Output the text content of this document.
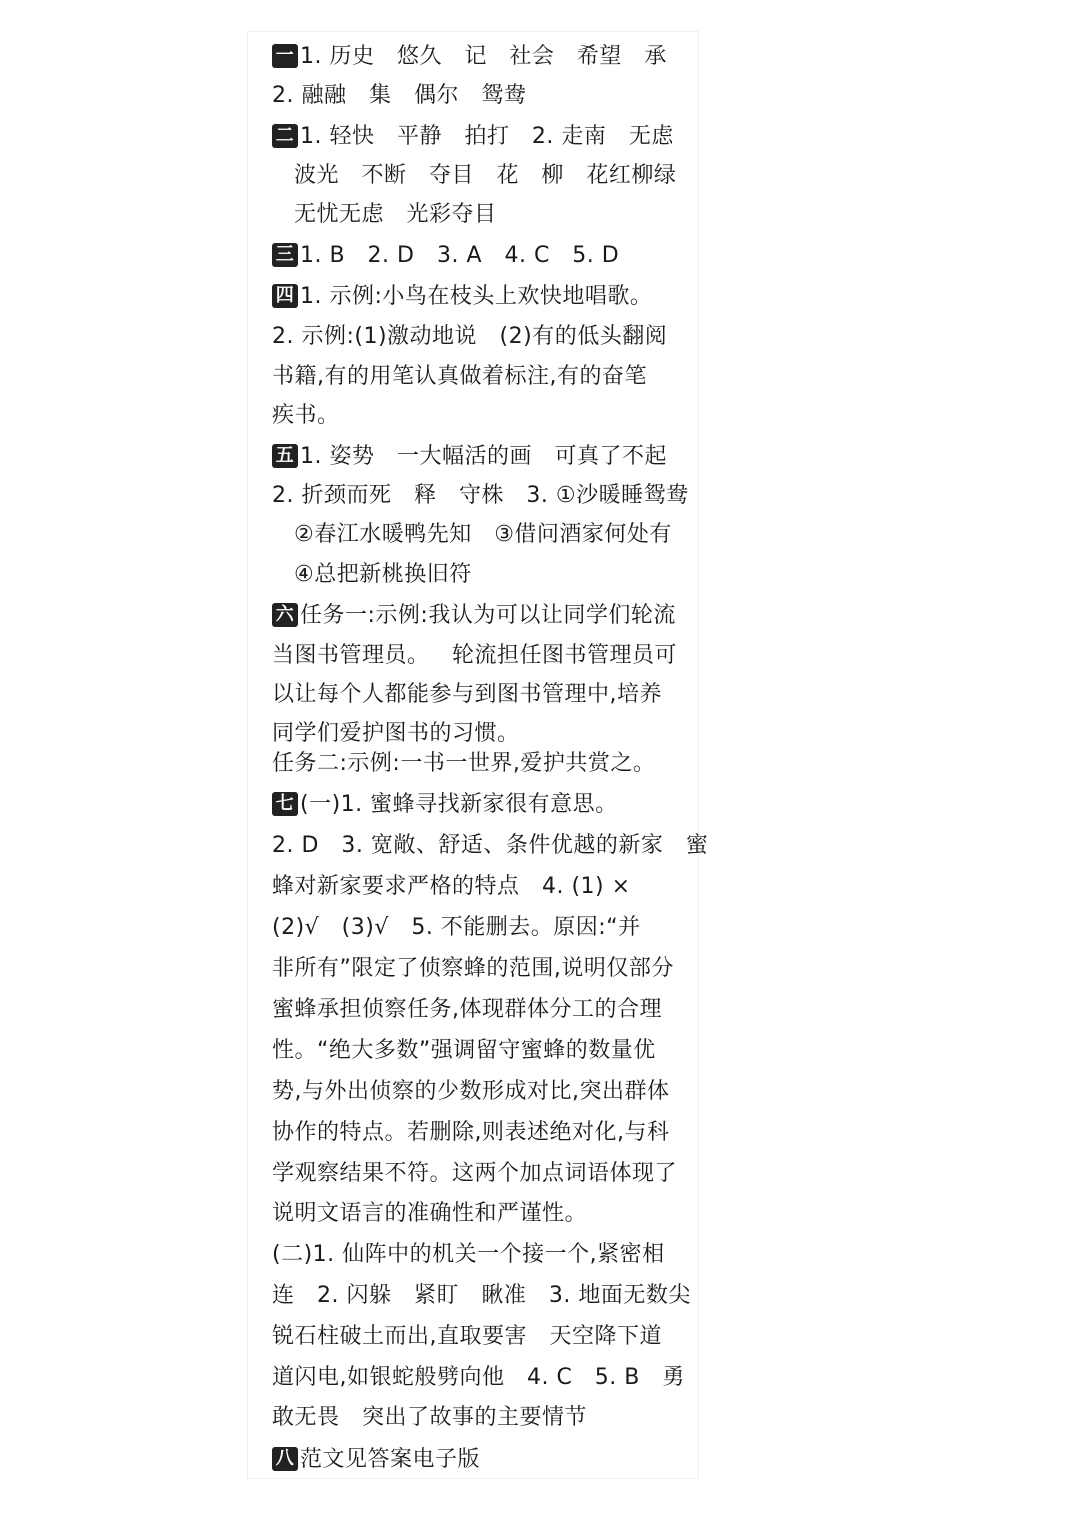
一 1. 历史   悠久   记   社会   希望   承
2. 融融   集   偶尔   鸳鸯
二 1. 轻快   平静   拍打   2. 走南   无虑
波光   不断   夺目   花   柳   花红柳绿
无忧无虑   光彩夺目
三 1. B   2. D   3. A   4. C   5. D
四 1. 示例:小鸟在枝头上欢快地唱歌。
2. 示例:(1)激动地说   (2)有的低头翻阅
书籍,有的用笔认真做着标注,有的奋笔
疾书。
五 1. 姿势   一大幅活的画   可真了不起
2. 折颈而死   释   守株   3. ①沙暖睡鸳鸯
②春江水暖鸭先知   ③借问酒家何处有
④总把新桃换旧符
六 任务一:示例:我认为可以让同学们轮流
当图书管理员。   轮流担任图书管理员可
以让每个人都能参与到图书管理中,培养
同学们爱护图书的习惯。
任务二:示例:一书一世界,爱护共赏之。
七 (一)1. 蜜蜂寻找新家很有意思。
2. D   3. 宽敞、舒适、条件优越的新家   蜜
蜂对新家要求严格的特点   4. (1) ×
(2)√   (3)√   5. 不能删去。原因:“并
非所有”限定了侦察蜂的范围,说明仅部分
蜜蜂承担侦察任务,体现群体分工的合理
性。“绝大多数”强调留守蜜蜂的数量优
势,与外出侦察的少数形成对比,突出群体
协作的特点。若删除,则表述绝对化,与科
学观察结果不符。这两个加点词语体现了
说明文语言的准确性和严谨性。
(二)1. 仙阵中的机关一个接一个,紧密相
连   2. 闪躲   紧盯   瞅准   3. 地面无数尖
锐石柱破土而出,直取要害   天空降下道
道闪电,如银蛇般劈向他   4. C   5. B   勇
敢无畏   突出了故事的主要情节
八 范文见答案电子版
